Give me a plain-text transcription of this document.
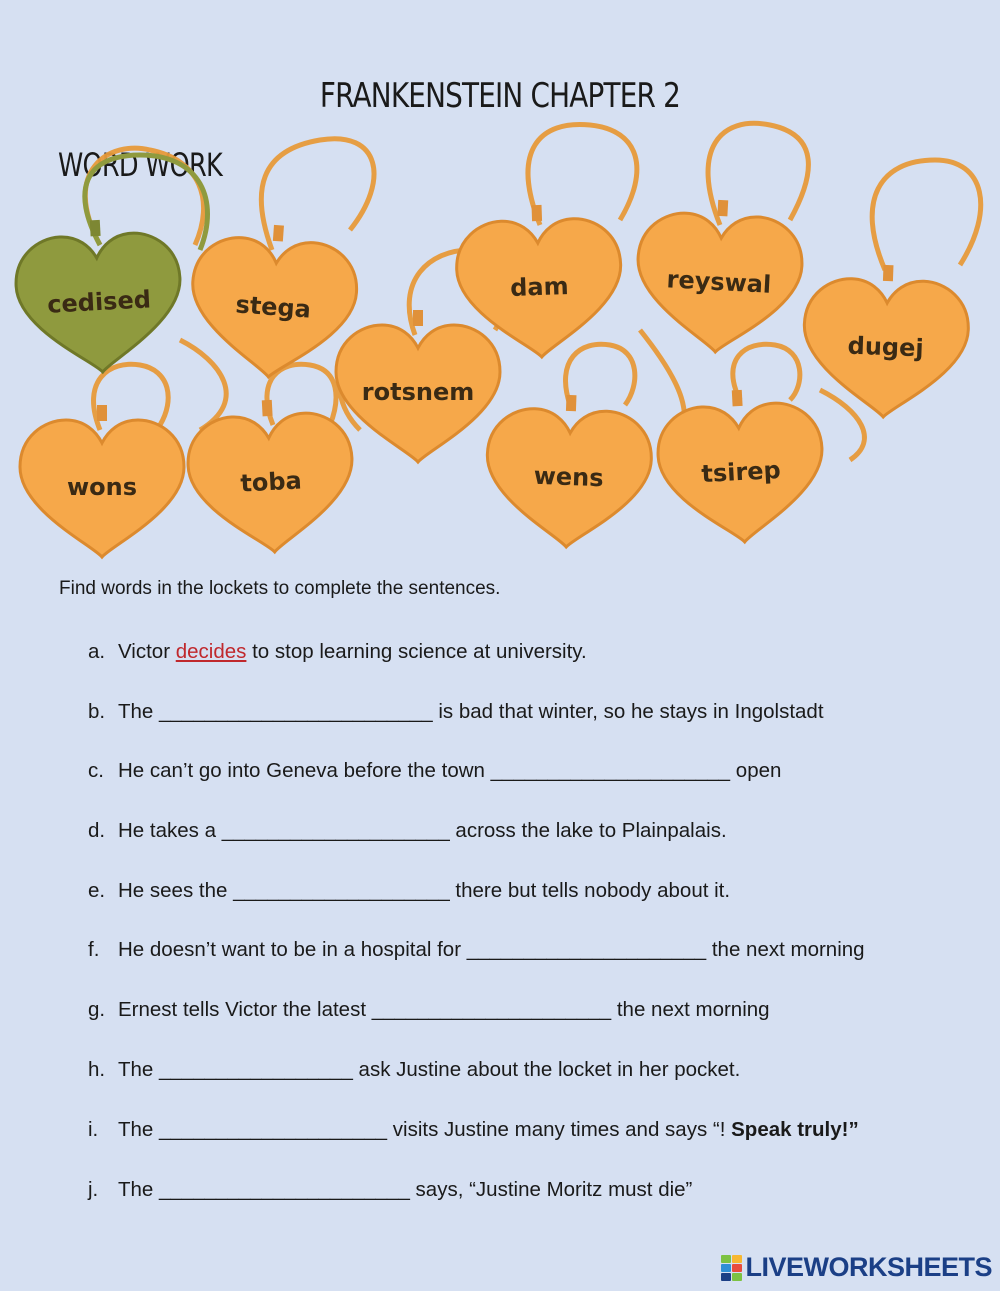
FRANKENSTEIN CHAPTER 2
WORD WORK
cedised	stega
rotsnem
dam	reyswal
dugej
wons	toba	wens	tsirep
Find words in the lockets to complete the sentences.
a. Victor decides to stop learning science at university.
b. The ________________________ is bad that winter, so he stays in Ingolstadt
c. He can’t go into Geneva before the town _____________________ open
d. He takes a ____________________ across the lake to Plainpalais.
e. He sees the ___________________ there but tells nobody about it.
f. He doesn’t want to be in a hospital for _____________________ the next morning
g. Ernest tells Victor the latest _____________________ the next morning
h. The _________________ ask Justine about the locket in her pocket.
i. The ____________________ visits Justine many times and says “! Speak truly!”
j. The ______________________ says, “Justine Moritz must die”
LIVEWORKSHEETS
